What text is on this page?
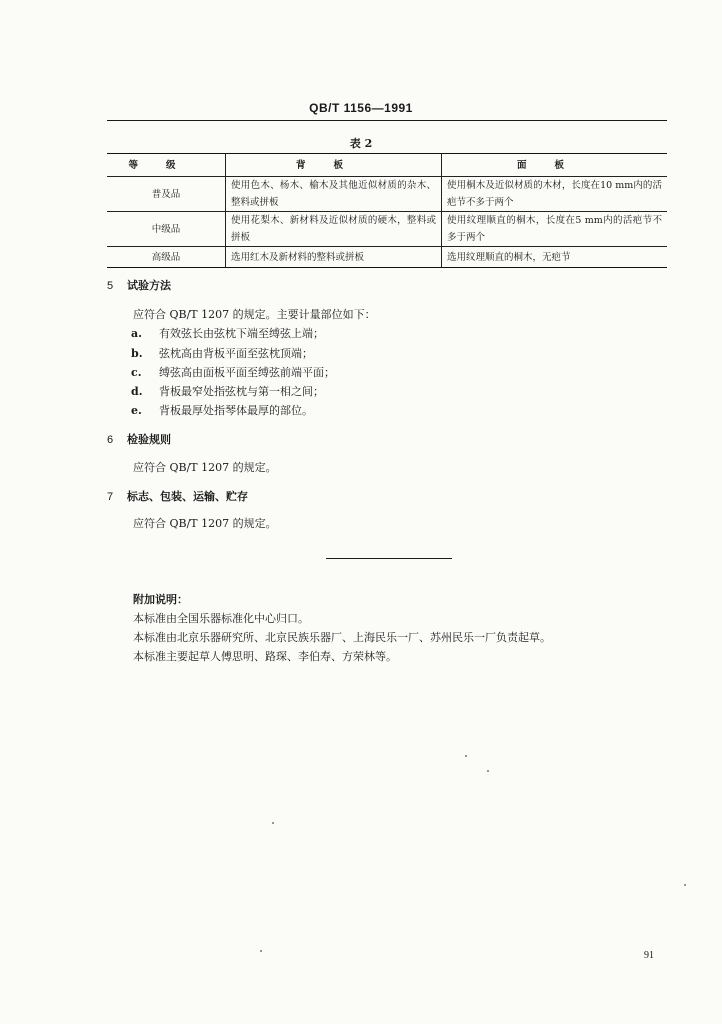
QB/T 1156—1991
表 2
等级	背板	面板
普及品	使用色木、杨木、榆木及其他近似材质的杂木、整料或拼板	使用桐木及近似材质的木材，长度在10 mm内的活疤节不多于两个
中级品	使用花梨木、新材料及近似材质的硬木，整料或拼板	使用纹理顺直的桐木，长度在5 mm内的活疤节不多于两个
高级品	选用红木及新材料的整料或拼板	选用纹理顺直的桐木，无疤节
5 试验方法
应符合 QB/T 1207 的规定。主要计量部位如下：
a. 有效弦长由弦枕下端至缚弦上端；
b. 弦枕高由背板平面至弦枕顶端；
c. 缚弦高由面板平面至缚弦前端平面；
d. 背板最窄处指弦枕与第一相之间；
e. 背板最厚处指琴体最厚的部位。
6 检验规则
应符合 QB/T 1207 的规定。
7 标志、包装、运输、贮存
应符合 QB/T 1207 的规定。
附加说明：
本标准由全国乐器标准化中心归口。
本标准由北京乐器研究所、北京民族乐器厂、上海民乐一厂、苏州民乐一厂负责起草。
本标准主要起草人傅思明、路琛、李伯寿、方荣林等。
91
